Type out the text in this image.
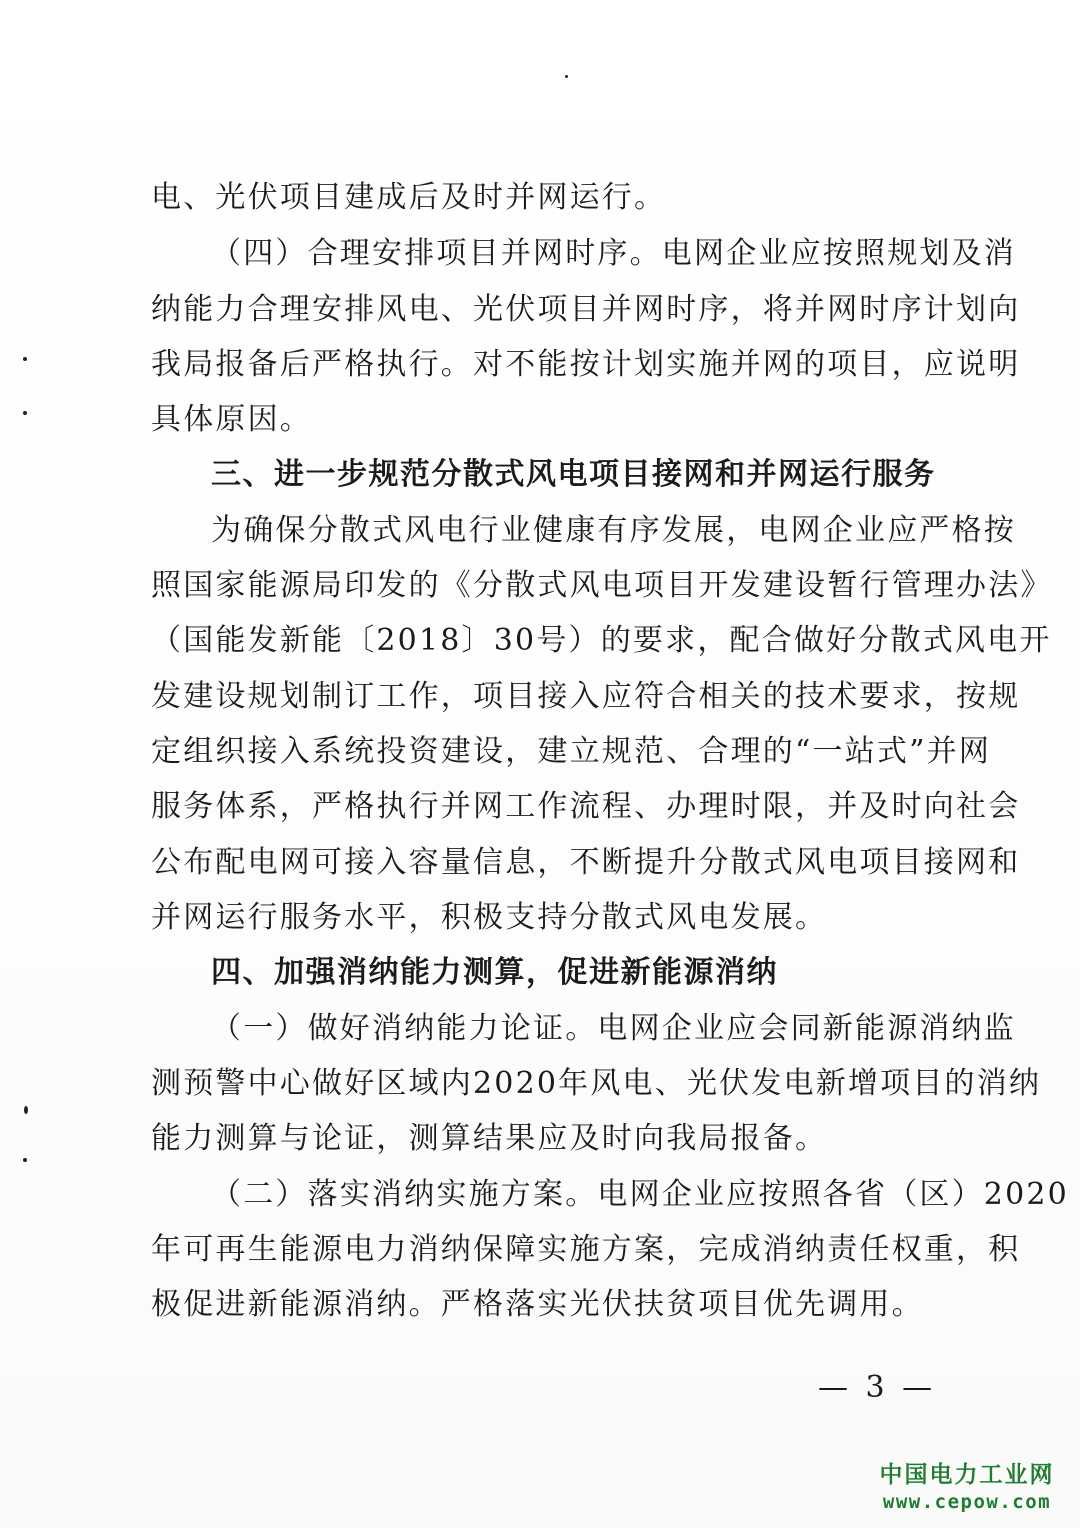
电、光伏项目建成后及时并网运行。
（四）合理安排项目并网时序。电网企业应按照规划及消
纳能力合理安排风电、光伏项目并网时序，将并网时序计划向
我局报备后严格执行。对不能按计划实施并网的项目，应说明
具体原因。
三、进一步规范分散式风电项目接网和并网运行服务
为确保分散式风电行业健康有序发展，电网企业应严格按
照国家能源局印发的《分散式风电项目开发建设暂行管理办法》
（国能发新能〔2018〕30号）的要求，配合做好分散式风电开
发建设规划制订工作，项目接入应符合相关的技术要求，按规
定组织接入系统投资建设，建立规范、合理的“一站式”并网
服务体系，严格执行并网工作流程、办理时限，并及时向社会
公布配电网可接入容量信息，不断提升分散式风电项目接网和
并网运行服务水平，积极支持分散式风电发展。
四、加强消纳能力测算，促进新能源消纳
（一）做好消纳能力论证。电网企业应会同新能源消纳监
测预警中心做好区域内2020年风电、光伏发电新增项目的消纳
能力测算与论证，测算结果应及时向我局报备。
（二）落实消纳实施方案。电网企业应按照各省（区）2020
年可再生能源电力消纳保障实施方案，完成消纳责任权重，积
极促进新能源消纳。严格落实光伏扶贫项目优先调用。
— 3 —
中国电力工业网
www.cepow.com
